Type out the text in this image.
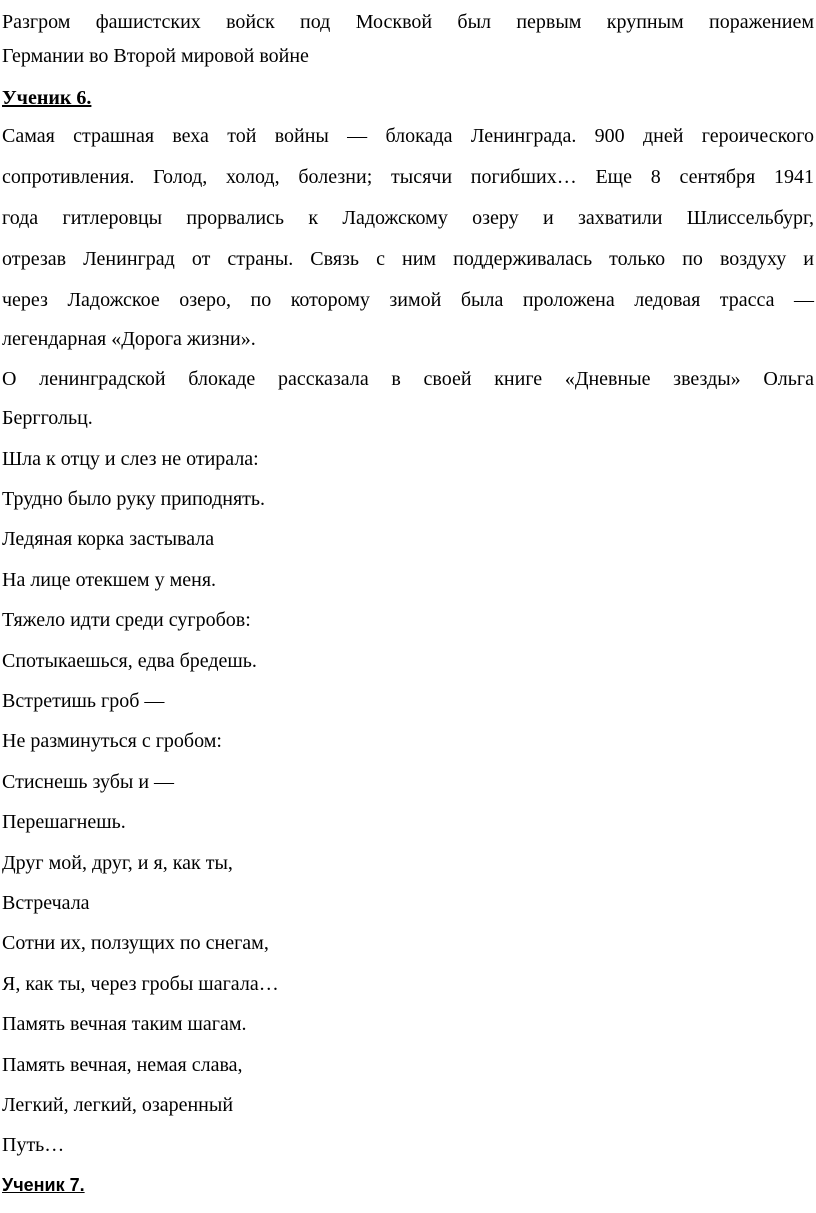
Разгром фашистских войск под Москвой был первым крупным поражением
Германии во Второй мировой войне
Ученик 6.
Самая страшная веха той войны — блокада Ленинграда. 900 дней героического
сопротивления. Голод, холод, болезни; тысячи погибших… Еще 8 сентября 1941
года гитлеровцы прорвались к Ладожскому озеру и захватили Шлиссельбург,
отрезав Ленинград от страны. Связь с ним поддерживалась только по воздуху и
через Ладожское озеро, по которому зимой была проложена ледовая трасса —
легендарная «Дорога жизни».
О ленинградской блокаде рассказала в своей книге «Дневные звезды» Ольга
Берггольц.
Шла к отцу и слез не отирала:
Трудно было руку приподнять.
Ледяная корка застывала
На лице отекшем у меня.
Тяжело идти среди сугробов:
Спотыкаешься, едва бредешь.
Встретишь гроб —
Не разминуться с гробом:
Стиснешь зубы и —
Перешагнешь.
Друг мой, друг, и я, как ты,
Встречала
Сотни их, ползущих по снегам,
Я, как ты, через гробы шагала…
Память вечная таким шагам.
Память вечная, немая слава,
Легкий, легкий, озаренный
Путь…
Ученик 7.
